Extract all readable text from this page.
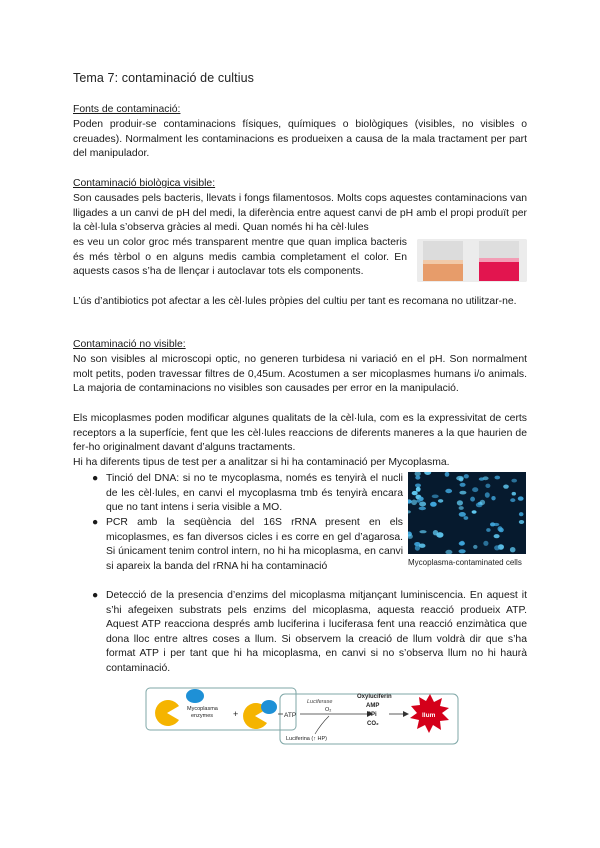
Tema 7: contaminació de cultius
Fonts de contaminació:
Poden produir-se contaminacions físiques, químiques o biològiques (visibles, no visibles o creuades). Normalment les contaminacions es produeixen a causa de la mala tractament per part del manipulador.
Contaminació biològica visible:
Son causades pels bacteris, llevats i fongs filamentosos. Molts cops aquestes contaminacions van lligades a un canvi de pH del medi, la diferència entre aquest canvi de pH amb el propi produït per la cèl·lula s’observa gràcies al medi. Quan només hi ha cèl·lules
es veu un color groc més transparent mentre que quan implica bacteris és més tèrbol o en alguns medis cambia completament el color. En aquests casos s’ha de llençar i autoclavar tots els components.
L’ús d’antibiotics pot afectar a les cèl·lules pròpies del cultiu per tant es recomana no utilitzar-ne.
Contaminació no visible:
No son visibles al microscopi optic, no generen turbidesa ni variació en el pH. Son normalment molt petits, poden travessar filtres de 0,45um. Acostumen a ser micoplasmes humans i/o animals. La majoria de contaminacions no visibles son causades per error en la manipulació.
Els micoplasmes poden modificar algunes qualitats de la cèl·lula, com es la expressivitat de certs receptors a la superfície, fent que les cèl·lules reaccions de diferents maneres a la que haurien de fer-ho originalment davant d’alguns tractaments.
Hi ha diferents tipus de test per a analitzar si hi ha contaminació per Mycoplasma.
● Tinció del DNA: si no te mycoplasma, només es tenyirà el nucli de les cèl·lules, en canvi el mycoplasma tmb és tenyirà encara que no tant intens i seria visible a MO.
● PCR amb la seqüència del 16S rRNA present en els micoplasmes, es fan diversos cicles i es corre en gel d’agarosa. Si únicament tenim control intern, no hi ha micoplasma, en canvi si apareix la banda del rRNA hi ha contaminació
● Detecció de la presencia d’enzims del micoplasma mitjançant luminiscencia. En aquest it s’hi afegeixen substrats pels enzims del micoplasma, aquesta reacció produeix ATP. Aquest ATP reacciona després amb luciferina i luciferasa fent una reacció enzimàtica que dona lloc entre altres coses a llum. Si observem la creació de llum voldrà dir que s’ha format ATP i per tant que hi ha micoplasma, en canvi si no s’observa llum no hi haurà contaminació.
Mycoplasma-contaminated cells
Mycoplasma
enzymes +	ATP
Luciferase
O₂
Luciferina (↑ HP)
Oxyluciferin
AMP
PPi
CO₂
llum
